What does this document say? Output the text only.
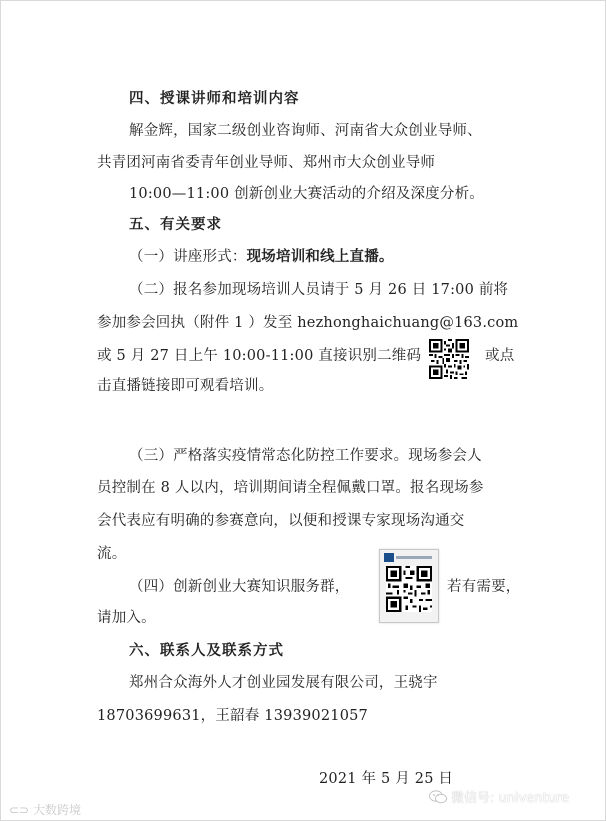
四、授课讲师和培训内容
解金辉，国家二级创业咨询师、河南省大众创业导师、
共青团河南省委青年创业导师、郑州市大众创业导师
10:00—11:00 创新创业大赛活动的介绍及深度分析。
五、有关要求
（一）讲座形式：现场培训和线上直播。
（二）报名参加现场培训人员请于 5 月 26 日 17:00 前将
参加参会回执（附件 1 ）发至 hezhonghaichuang@163.com
或 5 月 27 日上午 10:00-11:00 直接识别二维码	或点
击直播链接即可观看培训。
（三）严格落实疫情常态化防控工作要求。现场参会人
员控制在 8 人以内，培训期间请全程佩戴口罩。报名现场参
会代表应有明确的参赛意向，以便和授课专家现场沟通交
流。
（四）创新创业大赛知识服务群，	若有需要，
请加入。
六、联系人及联系方式
郑州合众海外人才创业园发展有限公司，王骁宇
18703699631，王韶春 13939021057
2021 年 5 月 25 日
⊂⊃ 大数跨境
微信号: univenture
